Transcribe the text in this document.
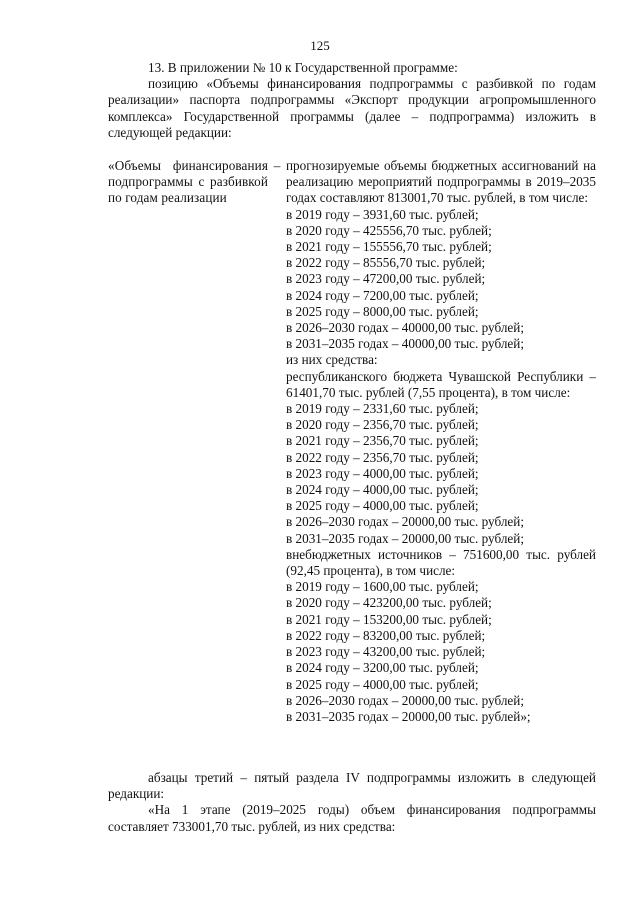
125

13. В приложении № 10 к Государственной программе:

позицию «Объемы финансирования подпрограммы с разбивкой по годам реализации» паспорта подпрограммы «Экспорт продукции агропромышленного комплекса» Государственной программы (далее – подпрограмма) изложить в следующей редакции:

«Объемы финансирования подпрограммы с разбивкой по годам реализации
– прогнозируемые объемы бюджетных ассигнований на реализацию мероприятий подпрограммы в 2019–2035 годах составляют 813001,70 тыс. рублей, в том числе:
в 2019 году – 3931,60 тыс. рублей;
в 2020 году – 425556,70 тыс. рублей;
в 2021 году – 155556,70 тыс. рублей;
в 2022 году – 85556,70 тыс. рублей;
в 2023 году – 47200,00 тыс. рублей;
в 2024 году – 7200,00 тыс. рублей;
в 2025 году – 8000,00 тыс. рублей;
в 2026–2030 годах – 40000,00 тыс. рублей;
в 2031–2035 годах – 40000,00 тыс. рублей;
из них средства:
республиканского бюджета Чувашской Республики – 61401,70 тыс. рублей (7,55 процента), в том числе:
в 2019 году – 2331,60 тыс. рублей;
в 2020 году – 2356,70 тыс. рублей;
в 2021 году – 2356,70 тыс. рублей;
в 2022 году – 2356,70 тыс. рублей;
в 2023 году – 4000,00 тыс. рублей;
в 2024 году – 4000,00 тыс. рублей;
в 2025 году – 4000,00 тыс. рублей;
в 2026–2030 годах – 20000,00 тыс. рублей;
в 2031–2035 годах – 20000,00 тыс. рублей;
внебюджетных источников – 751600,00 тыс. рублей (92,45 процента), в том числе:
в 2019 году – 1600,00 тыс. рублей;
в 2020 году – 423200,00 тыс. рублей;
в 2021 году – 153200,00 тыс. рублей;
в 2022 году – 83200,00 тыс. рублей;
в 2023 году – 43200,00 тыс. рублей;
в 2024 году – 3200,00 тыс. рублей;
в 2025 году – 4000,00 тыс. рублей;
в 2026–2030 годах – 20000,00 тыс. рублей;
в 2031–2035 годах – 20000,00 тыс. рублей»;

абзацы третий – пятый раздела IV подпрограммы изложить в следующей редакции:

«На 1 этапе (2019–2025 годы) объем финансирования подпрограммы составляет 733001,70 тыс. рублей, из них средства:
